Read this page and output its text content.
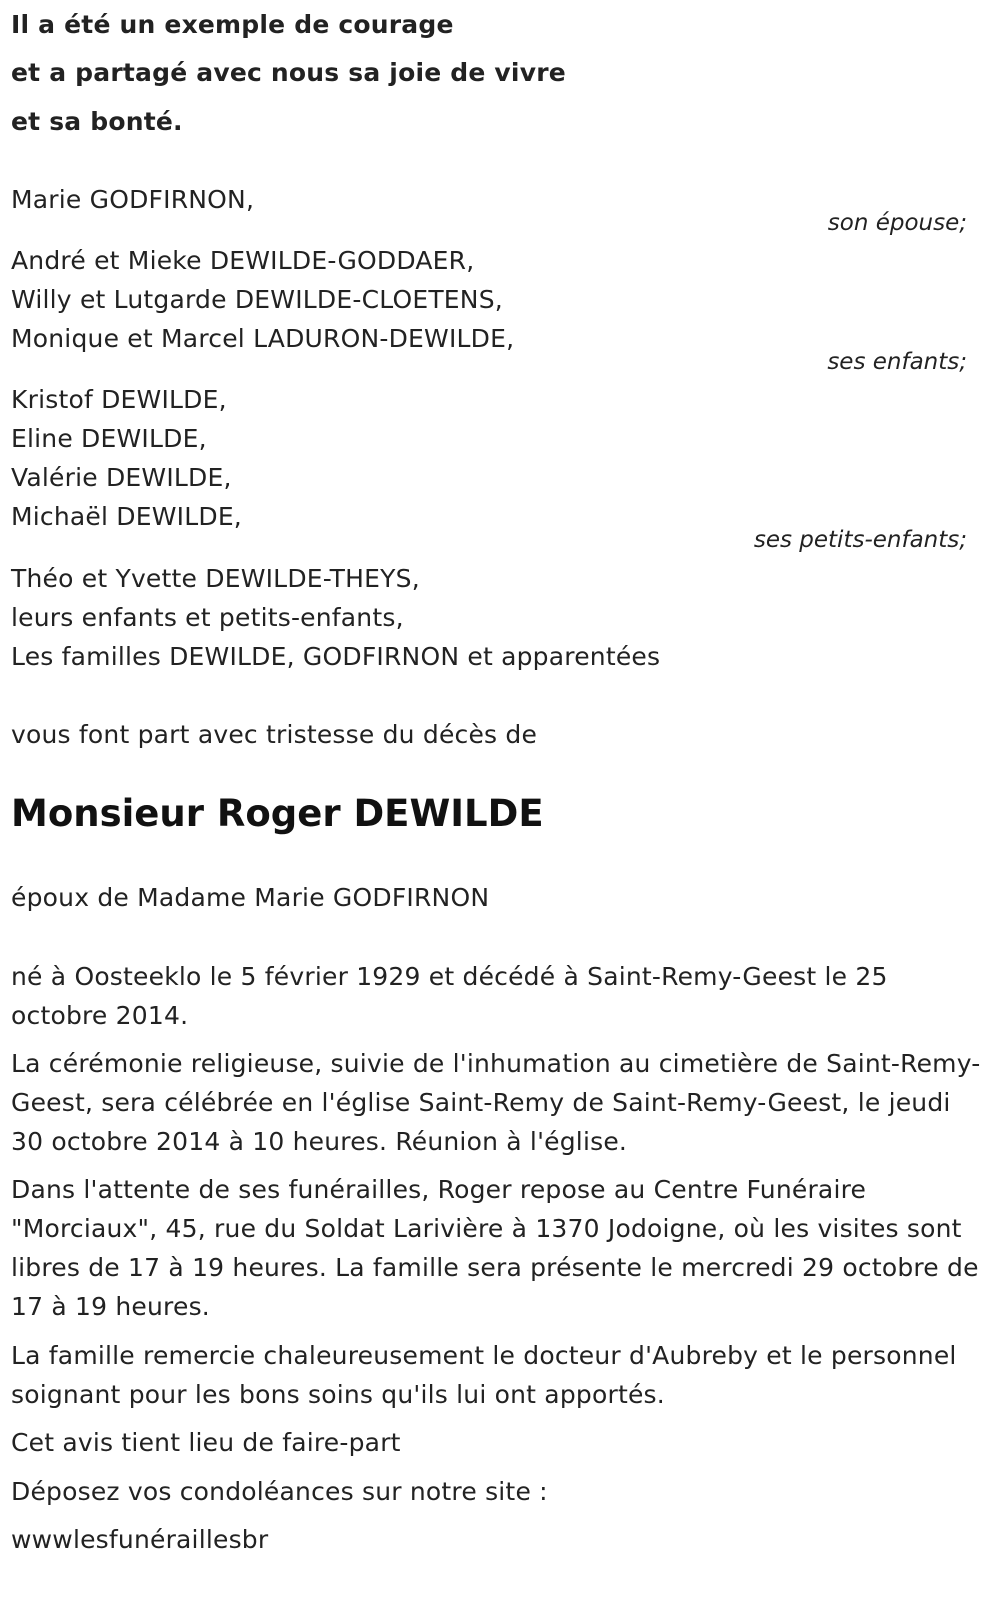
Il a été un exemple de courage
et a partagé avec nous sa joie de vivre
et sa bonté.
Marie GODFIRNON,
son épouse;
André et Mieke DEWILDE-GODDAER,
Willy et Lutgarde DEWILDE-CLOETENS,
Monique et Marcel LADURON-DEWILDE,
ses enfants;
Kristof DEWILDE,
Eline DEWILDE,
Valérie DEWILDE,
Michaël DEWILDE,
ses petits-enfants;
Théo et Yvette DEWILDE-THEYS,
leurs enfants et petits-enfants,
Les familles DEWILDE, GODFIRNON et apparentées
vous font part avec tristesse du décès de
Monsieur Roger DEWILDE
époux de Madame Marie GODFIRNON
né à Oosteeklo le 5 février 1929 et décédé à Saint-Remy-Geest le 25 octobre 2014.
La cérémonie religieuse, suivie de l'inhumation au cimetière de Saint-Remy-Geest, sera célébrée en l'église Saint-Remy de Saint-Remy-Geest, le jeudi 30 octobre 2014 à 10 heures. Réunion à l'église.
Dans l'attente de ses funérailles, Roger repose au Centre Funéraire "Morciaux", 45, rue du Soldat Larivière à 1370 Jodoigne, où les visites sont libres de 17 à 19 heures. La famille sera présente le mercredi 29 octobre de 17 à 19 heures.
La famille remercie chaleureusement le docteur d'Aubreby et le personnel soignant pour les bons soins qu'ils lui ont apportés.
Cet avis tient lieu de faire-part
Déposez vos condoléances sur notre site :
wwwlesfunéraillesbr
